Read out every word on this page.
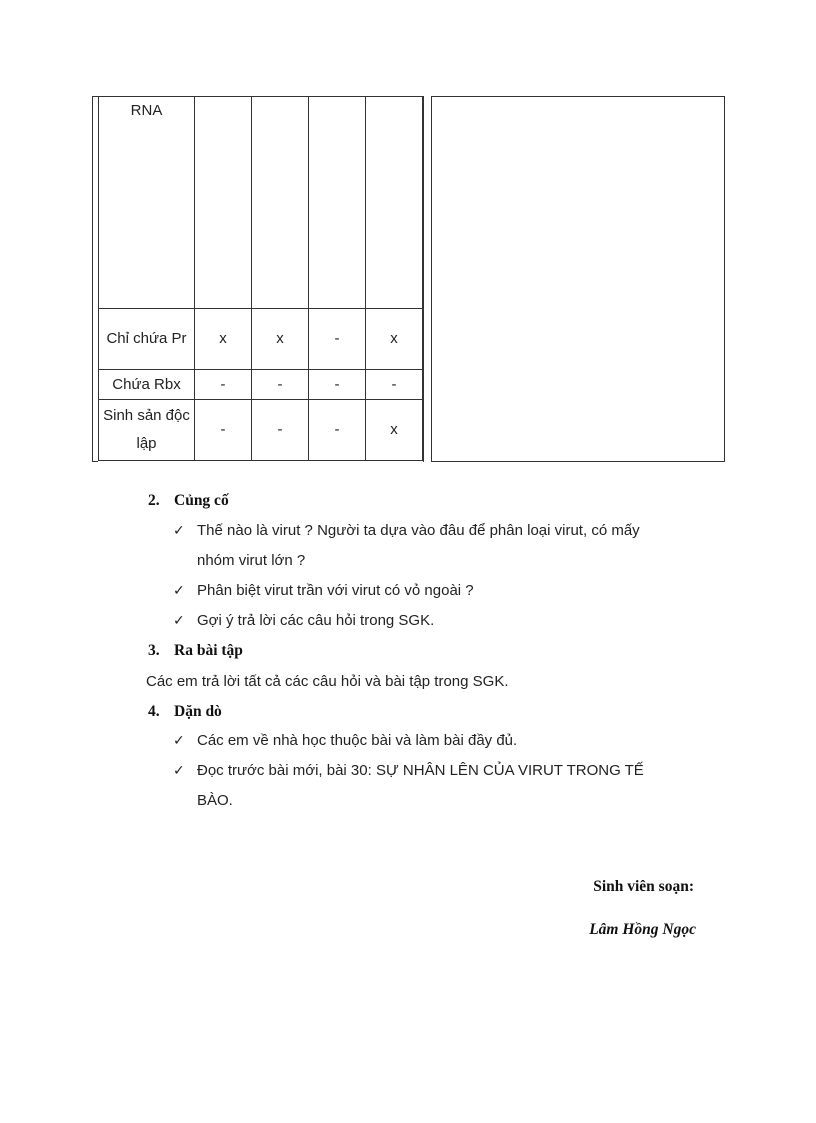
RNA				
Chỉ chứa Pr	x	x	-	x
Chứa Rbx	-	-	-	-
Sinh sản độc lập	-	-	-	x
2. Củng cố
✓ Thế nào là virut ? Người ta dựa vào đâu để phân loại virut, có mấy
nhóm virut lớn ?
✓ Phân biệt virut trần với virut có vỏ ngoài ?
✓ Gợi ý trả lời các câu hỏi trong SGK.
3. Ra bài tập
Các em trả lời tất cả các câu hỏi và bài tập trong SGK.
4. Dặn dò
✓ Các em về nhà học thuộc bài và làm bài đầy đủ.
✓ Đọc trước bài mới, bài 30: SỰ NHÂN LÊN CỦA VIRUT TRONG TẾ
BÀO.
Sinh viên soạn:
Lâm Hồng Ngọc
